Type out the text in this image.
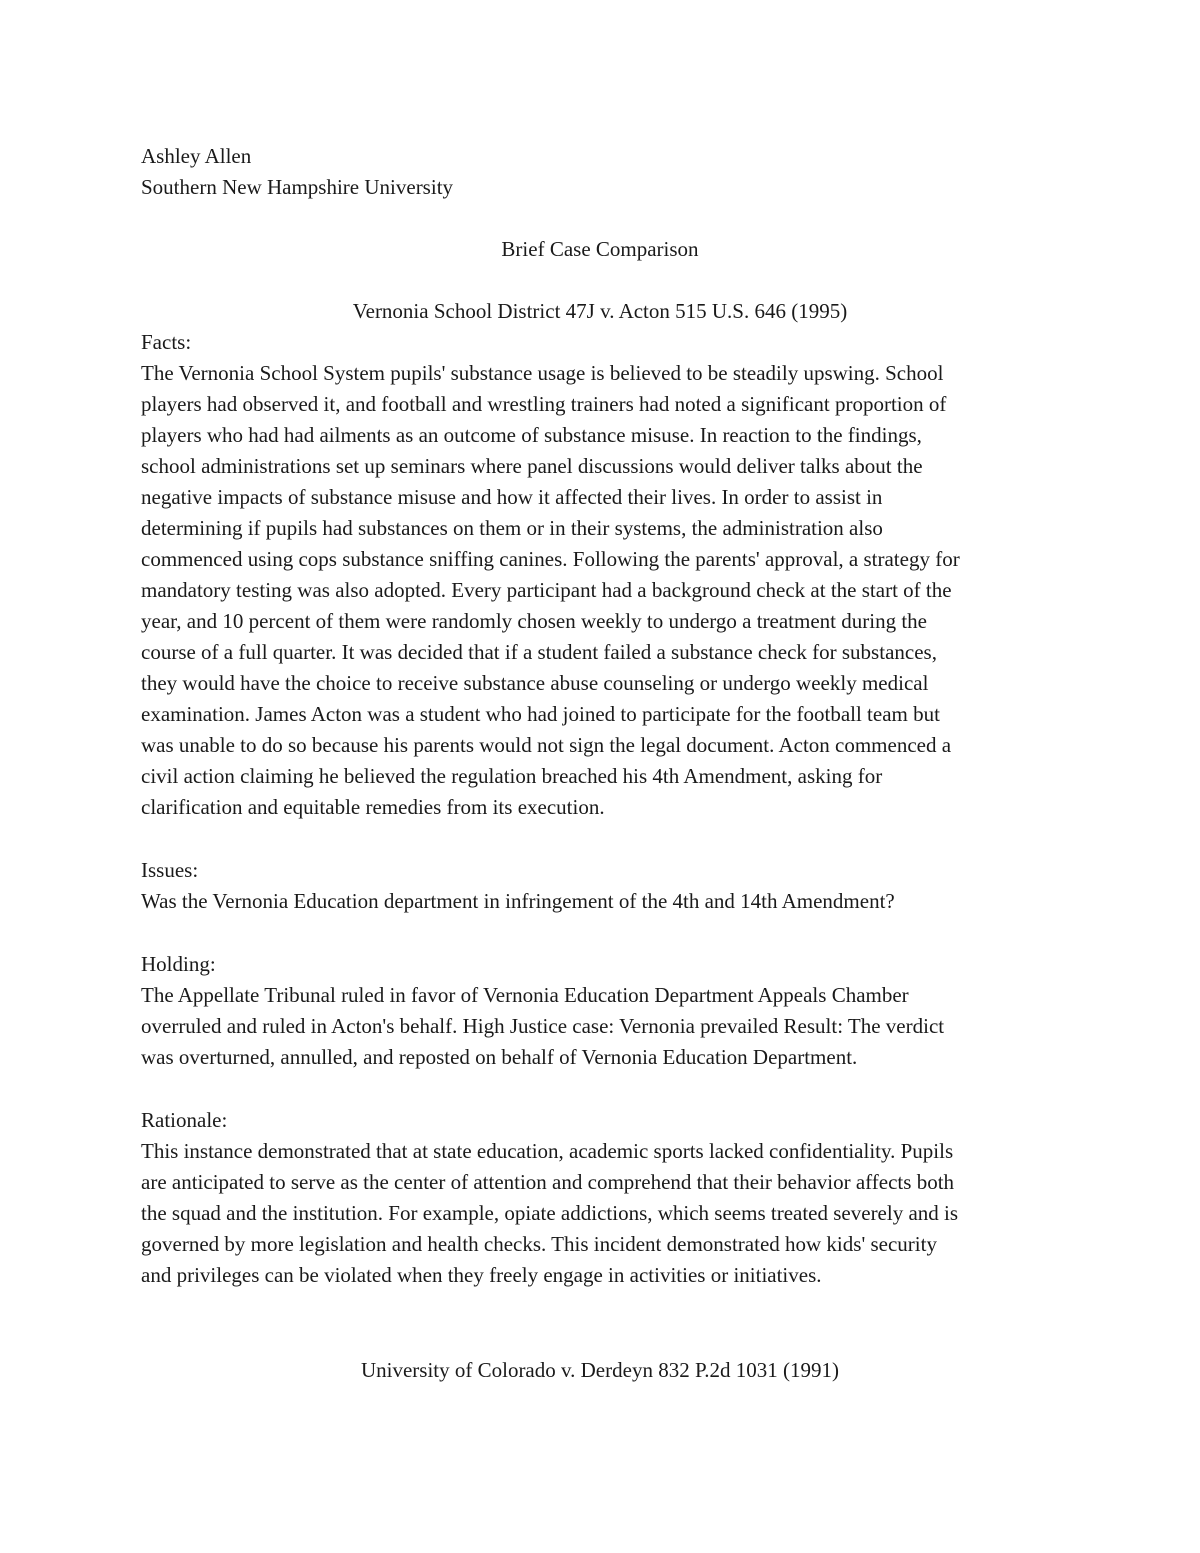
Ashley Allen
Southern New Hampshire University
Brief Case Comparison
Vernonia School District 47J v. Acton 515 U.S. 646 (1995)
Facts:
The Vernonia School System pupils' substance usage is believed to be steadily upswing. School
players had observed it, and football and wrestling trainers had noted a significant proportion of
players who had had ailments as an outcome of substance misuse. In reaction to the findings,
school administrations set up seminars where panel discussions would deliver talks about the
negative impacts of substance misuse and how it affected their lives. In order to assist in
determining if pupils had substances on them or in their systems, the administration also
commenced using cops substance sniffing canines. Following the parents' approval, a strategy for
mandatory testing was also adopted. Every participant had a background check at the start of the
year, and 10 percent of them were randomly chosen weekly to undergo a treatment during the
course of a full quarter. It was decided that if a student failed a substance check for substances,
they would have the choice to receive substance abuse counseling or undergo weekly medical
examination. James Acton was a student who had joined to participate for the football team but
was unable to do so because his parents would not sign the legal document. Acton commenced a
civil action claiming he believed the regulation breached his 4th Amendment, asking for
clarification and equitable remedies from its execution.
Issues:
Was the Vernonia Education department in infringement of the 4th and 14th Amendment?
Holding:
The Appellate Tribunal ruled in favor of Vernonia Education Department Appeals Chamber
overruled and ruled in Acton's behalf. High Justice case: Vernonia prevailed Result: The verdict
was overturned, annulled, and reposted on behalf of Vernonia Education Department.
Rationale:
This instance demonstrated that at state education, academic sports lacked confidentiality. Pupils
are anticipated to serve as the center of attention and comprehend that their behavior affects both
the squad and the institution. For example, opiate addictions, which seems treated severely and is
governed by more legislation and health checks. This incident demonstrated how kids' security
and privileges can be violated when they freely engage in activities or initiatives.
University of Colorado v. Derdeyn 832 P.2d 1031 (1991)
